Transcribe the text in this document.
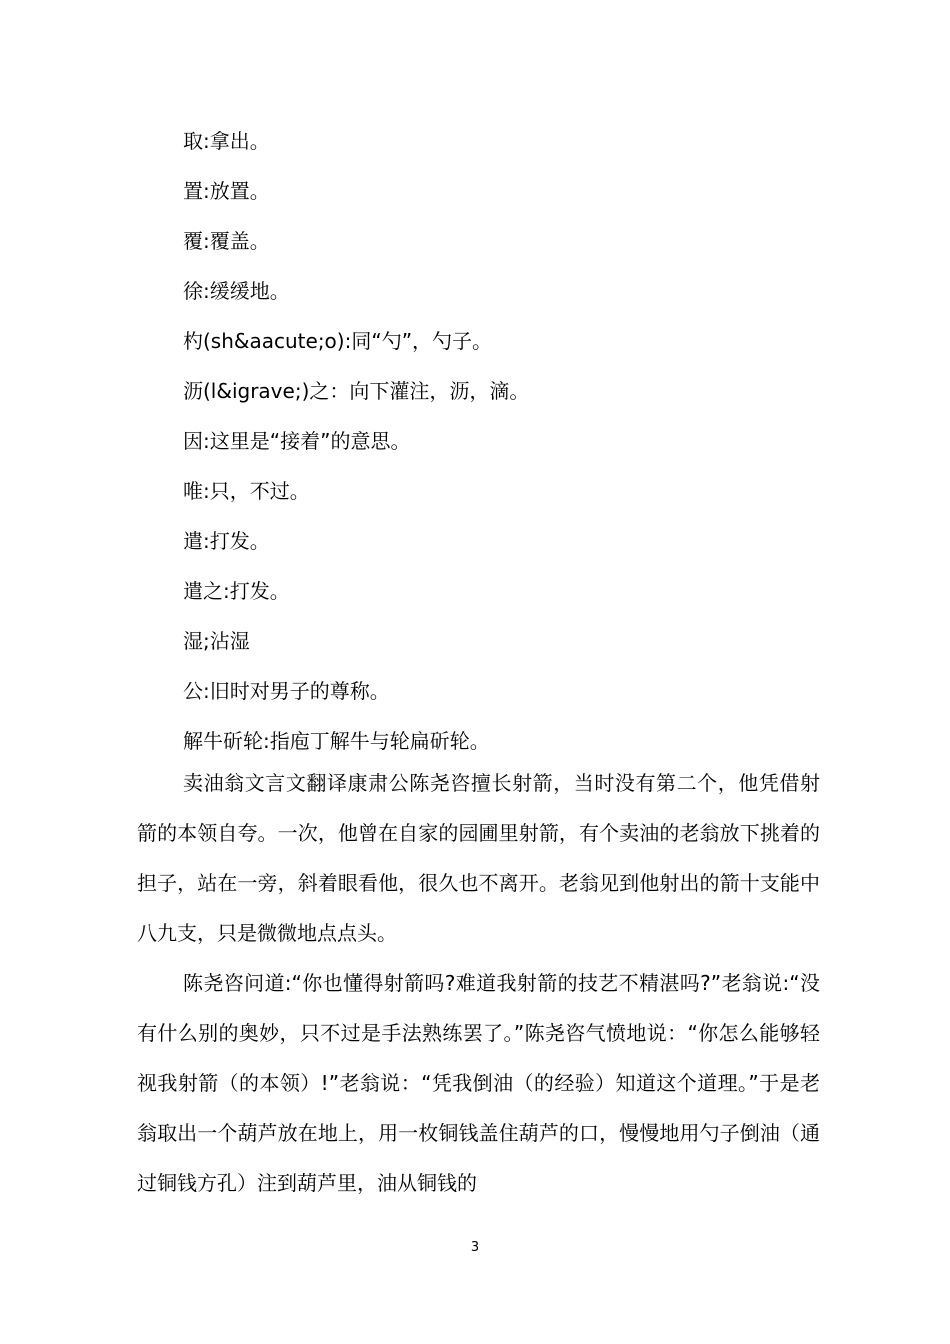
取:拿出。
置:放置。
覆:覆盖。
徐:缓缓地。
杓(sh&aacute;o):同“勺”，勺子。
沥(l&igrave;)之：向下灌注，沥，滴。
因:这里是“接着”的意思。
唯:只，不过。
遣:打发。
遣之:打发。
湿;沾湿
公:旧时对男子的尊称。
解牛斫轮:指庖丁解牛与轮扁斫轮。

卖油翁文言文翻译康肃公陈尧咨擅长射箭，当时没有第二个，他凭借射箭的本领自夸。一次，他曾在自家的园圃里射箭，有个卖油的老翁放下挑着的担子，站在一旁，斜着眼看他，很久也不离开。老翁见到他射出的箭十支能中八九支，只是微微地点点头。

陈尧咨问道:“你也懂得射箭吗?难道我射箭的技艺不精湛吗?”老翁说:“没有什么别的奥妙，只不过是手法熟练罢了。”陈尧咨气愤地说：“你怎么能够轻视我射箭（的本领）!”老翁说：“凭我倒油（的经验）知道这个道理。”于是老翁取出一个葫芦放在地上，用一枚铜钱盖住葫芦的口，慢慢地用勺子倒油（通过铜钱方孔）注到葫芦里，油从铜钱的

3
